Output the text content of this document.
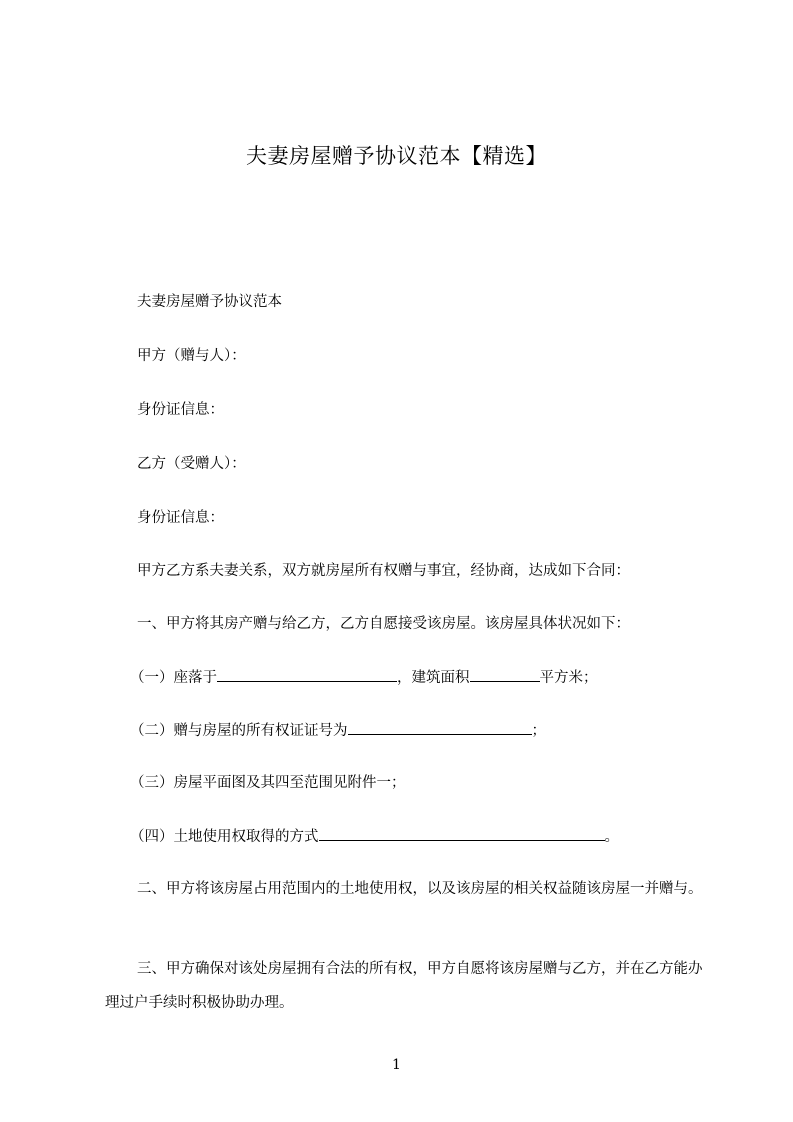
夫妻房屋赠予协议范本【精选】
夫妻房屋赠予协议范本
甲方（赠与人）：
身份证信息：
乙方（受赠人）：
身份证信息：
甲方乙方系夫妻关系，双方就房屋所有权赠与事宜，经协商，达成如下合同：
一、甲方将其房产赠与给乙方，乙方自愿接受该房屋。该房屋具体状况如下：
（一）座落于	，建筑面积	平方米；
（二）赠与房屋的所有权证证号为	；
（三）房屋平面图及其四至范围见附件一；
（四）土地使用权取得的方式	。
二、甲方将该房屋占用范围内的土地使用权，以及该房屋的相关权益随该房屋一并赠与。
三、甲方确保对该处房屋拥有合法的所有权，甲方自愿将该房屋赠与乙方，并在乙方能办理过户手续时积极协助办理。
1
